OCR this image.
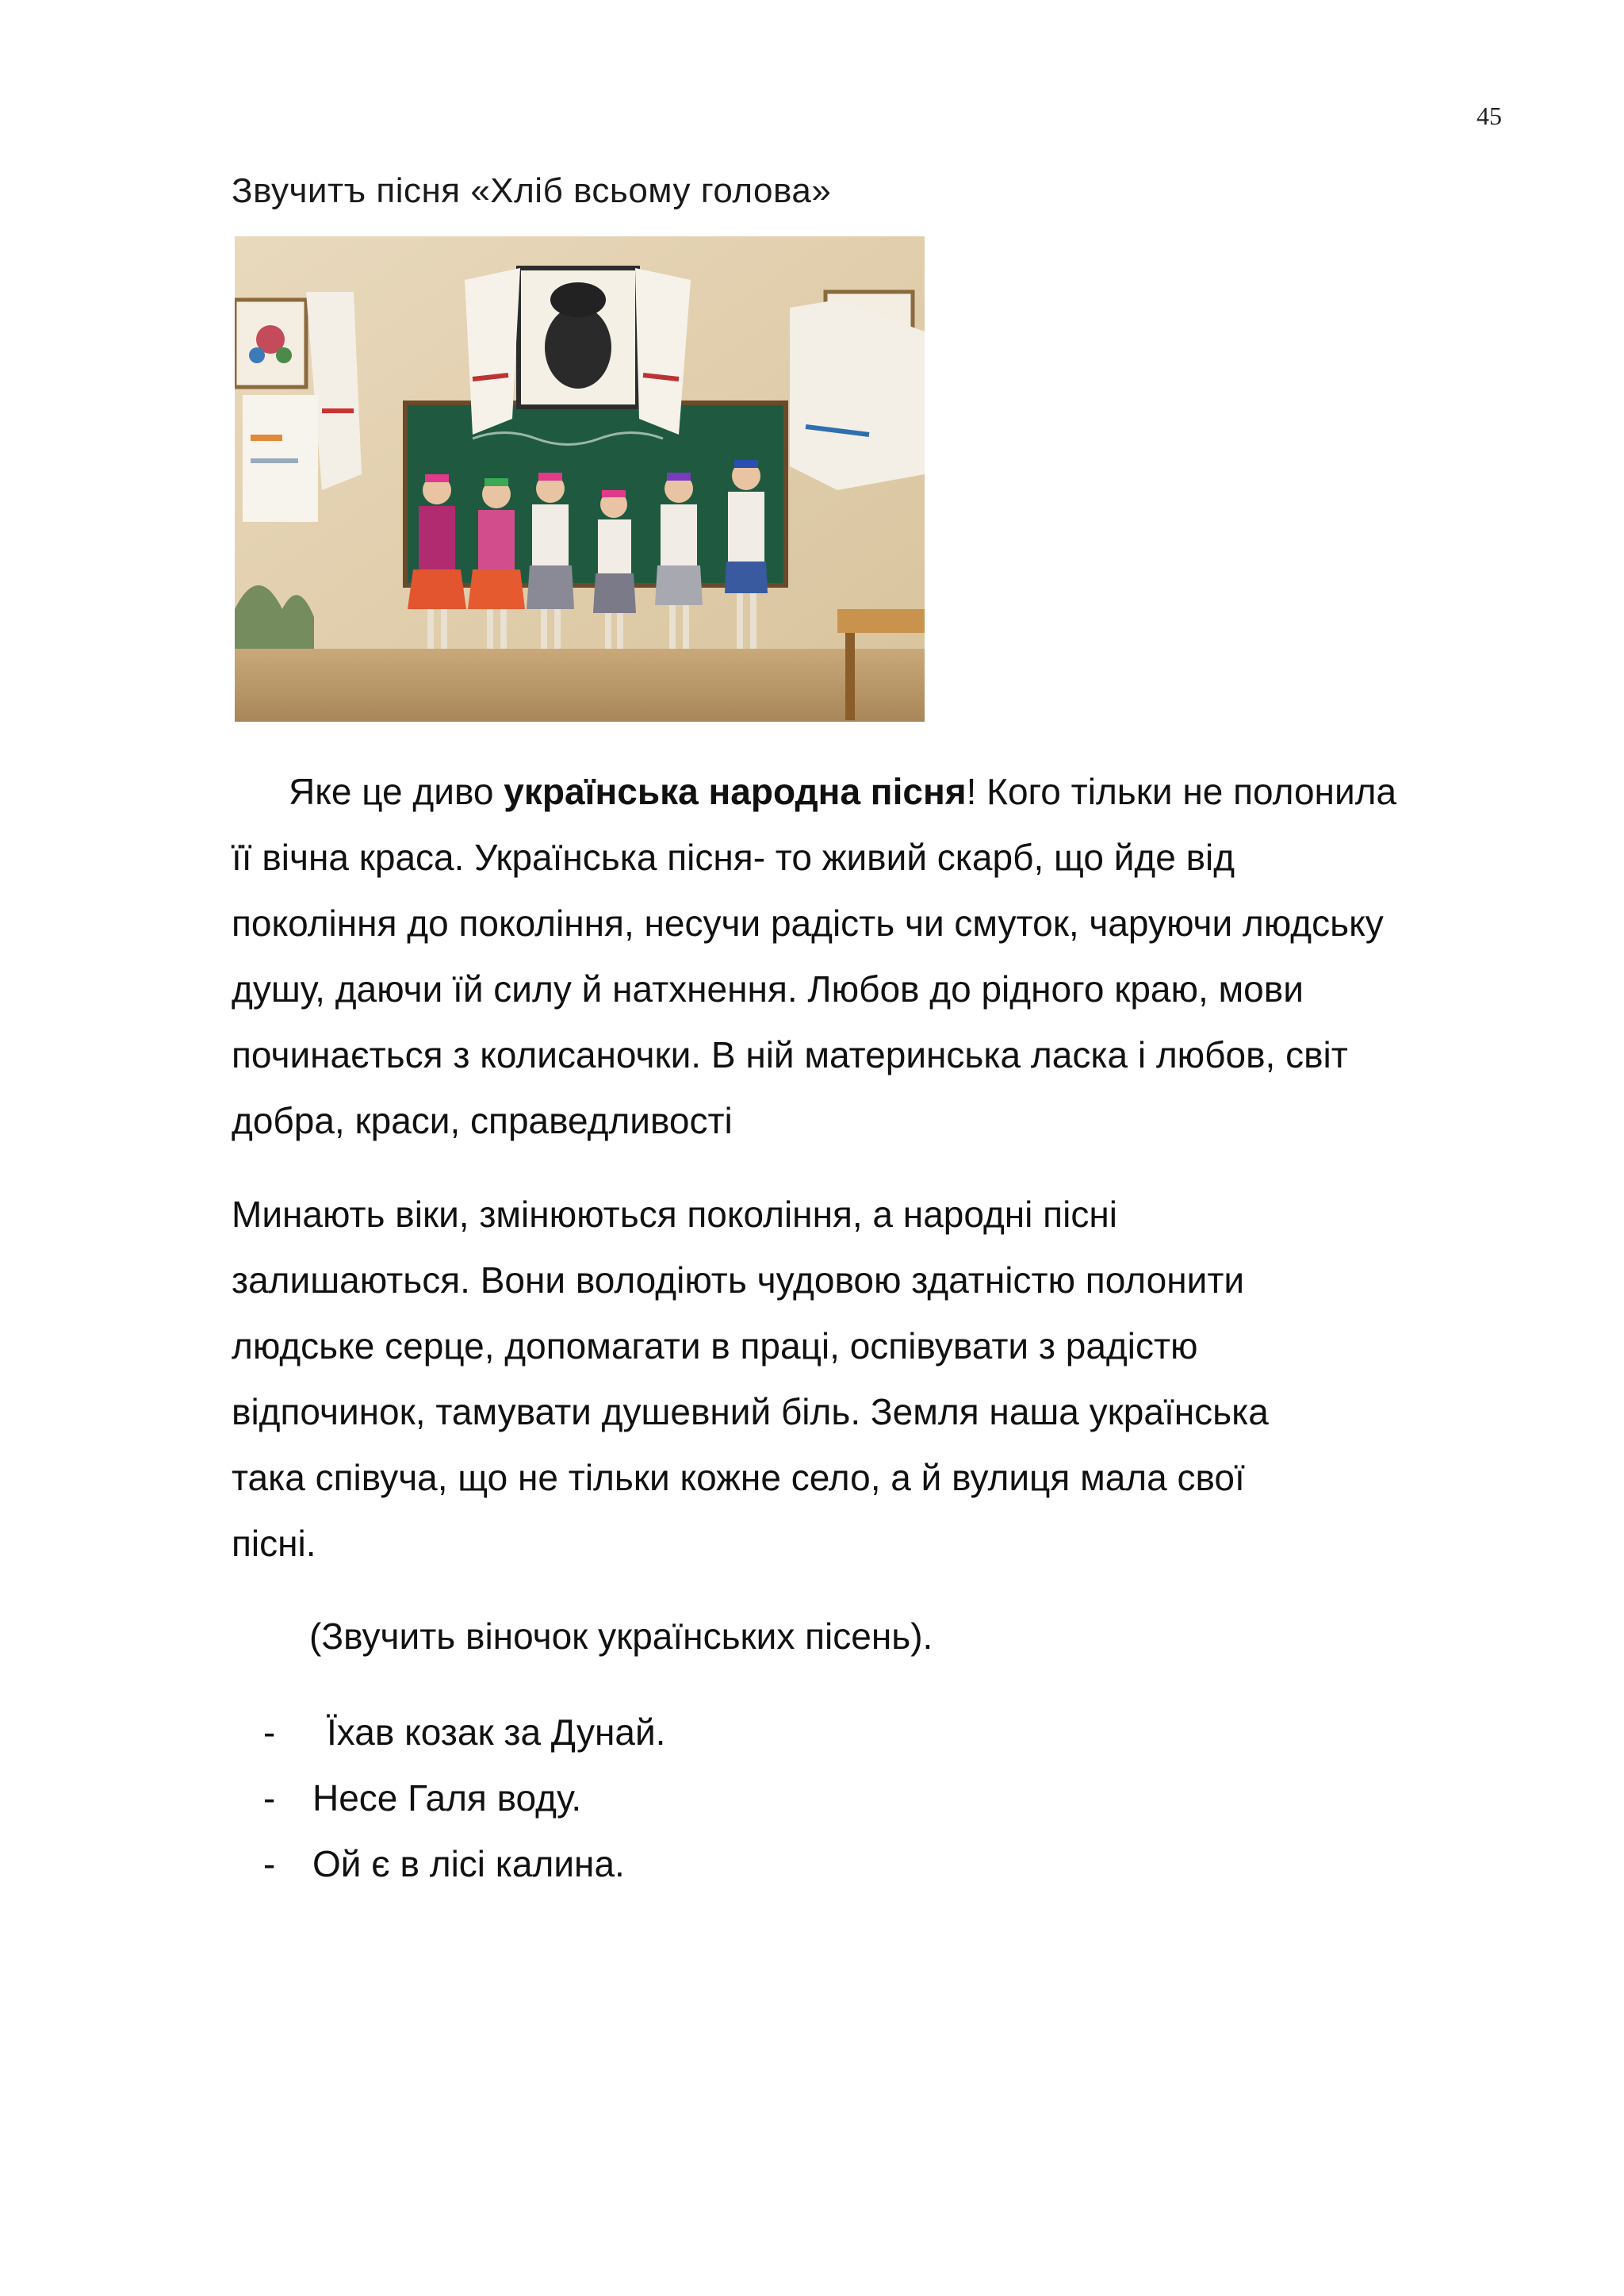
45
Звучитъ пісня «Хліб всьому голова»

Яке це диво українська народна пісня! Кого тільки не полонила
її вічна краса. Українська пісня- то живий скарб, що йде від
покоління до покоління, несучи радість чи смуток, чаруючи людську
душу, даючи їй силу й натхнення. Любов до рідного краю, мови
починається з колисаночки. В ній материнська ласка і любов, світ
добра, краси, справедливості

Минають віки, змінюються покоління, а народні пісні
залишаються. Вони володіють чудовою здатністю полонити
людське серце, допомагати в праці, оспівувати з радістю
відпочинок, тамувати душевний біль. Земля наша українська
така співуча, що не тільки кожне село, а й вулиця мала свої
пісні.

(Звучить віночок українських пісень).

- Їхав козак за Дунай.
- Несе Галя воду.
- Ой є в лісі калина.
